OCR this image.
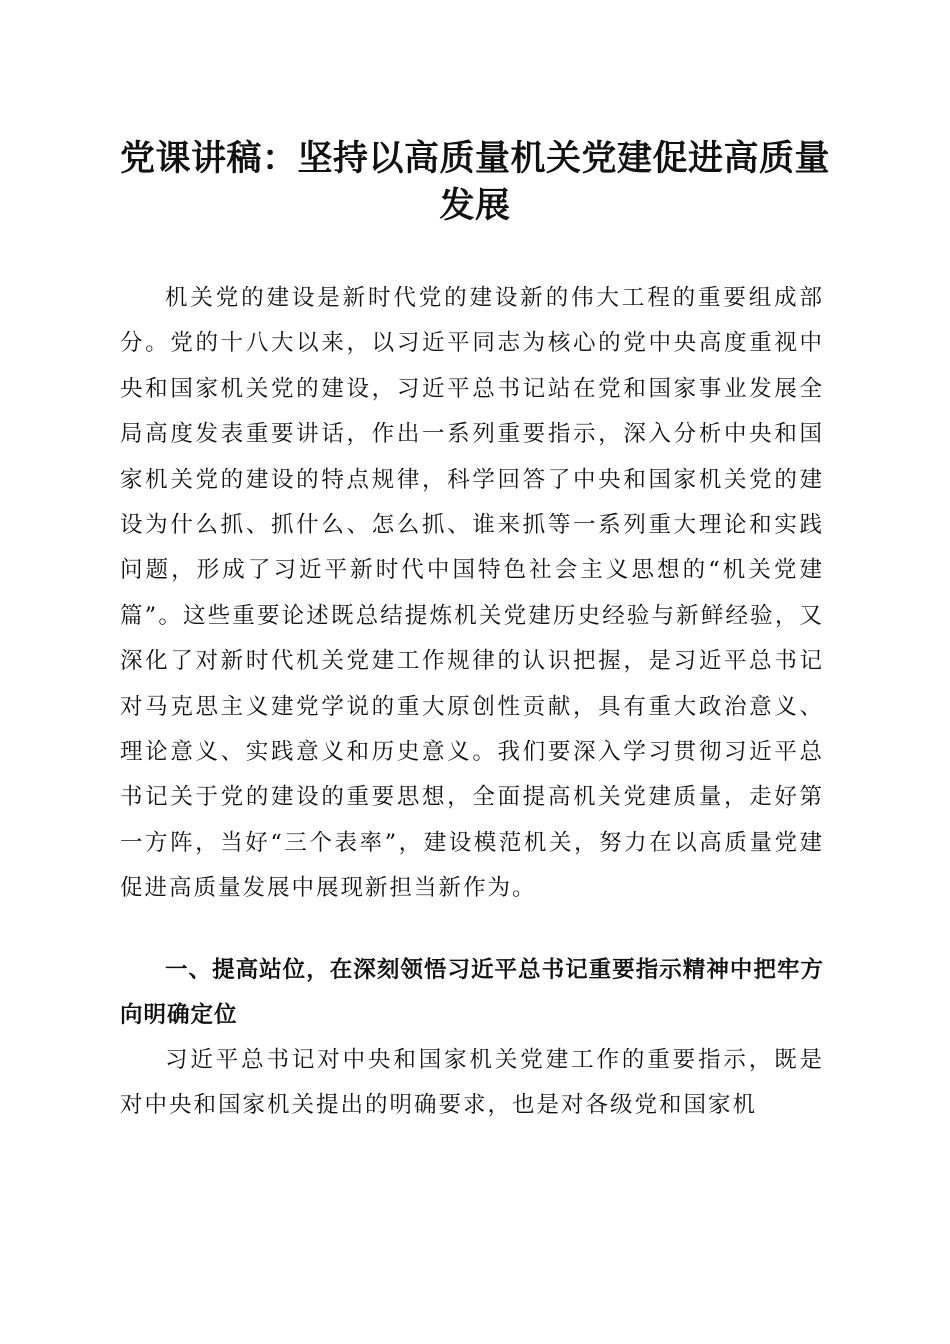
党课讲稿：坚持以高质量机关党建促进高质量发展

机关党的建设是新时代党的建设新的伟大工程的重要组成部分。党的十八大以来，以习近平同志为核心的党中央高度重视中央和国家机关党的建设，习近平总书记站在党和国家事业发展全局高度发表重要讲话，作出一系列重要指示，深入分析中央和国家机关党的建设的特点规律，科学回答了中央和国家机关党的建设为什么抓、抓什么、怎么抓、谁来抓等一系列重大理论和实践问题，形成了习近平新时代中国特色社会主义思想的“机关党建篇”。这些重要论述既总结提炼机关党建历史经验与新鲜经验，又深化了对新时代机关党建工作规律的认识把握，是习近平总书记对马克思主义建党学说的重大原创性贡献，具有重大政治意义、理论意义、实践意义和历史意义。我们要深入学习贯彻习近平总书记关于党的建设的重要思想，全面提高机关党建质量，走好第一方阵，当好“三个表率”，建设模范机关，努力在以高质量党建促进高质量发展中展现新担当新作为。

一、提高站位，在深刻领悟习近平总书记重要指示精神中把牢方向明确定位

习近平总书记对中央和国家机关党建工作的重要指示，既是对中央和国家机关提出的明确要求，也是对各级党和国家机
